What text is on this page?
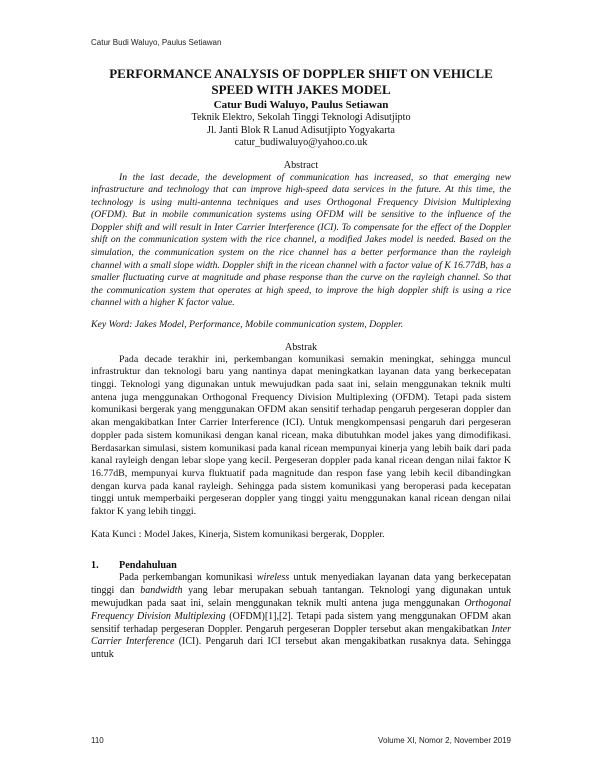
Catur Budi Waluyo, Paulus Setiawan
PERFORMANCE ANALYSIS OF DOPPLER SHIFT ON VEHICLE
SPEED WITH JAKES MODEL
Catur Budi Waluyo, Paulus Setiawan
Teknik Elektro, Sekolah Tinggi Teknologi Adisutjipto
Jl. Janti Blok R Lanud Adisutjipto Yogyakarta
catur_budiwaluyo@yahoo.co.uk
Abstract

In the last decade, the development of communication has increased, so that emerging new infrastructure and technology that can improve high-speed data services in the future. At this time, the technology is using multi-antenna techniques and uses Orthogonal Frequency Division Multiplexing (OFDM). But in mobile communication systems using OFDM will be sensitive to the influence of the Doppler shift and will result in Inter Carrier Interference (ICI). To compensate for the effect of the Doppler shift on the communication system with the rice channel, a modified Jakes model is needed. Based on the simulation, the communication system on the rice channel has a better performance than the rayleigh channel with a small slope width. Doppler shift in the ricean channel with a factor value of K 16.77dB, has a smaller fluctuating curve at magnitude and phase response than the curve on the rayleigh channel. So that the communication system that operates at high speed, to improve the high doppler shift is using a rice channel with a higher K factor value.

Key Word: Jakes Model, Performance, Mobile communication system, Doppler.
Abstrak

Pada decade terakhir ini, perkembangan komunikasi semakin meningkat, sehingga muncul infrastruktur dan teknologi baru yang nantinya dapat meningkatkan layanan data yang berkecepatan tinggi. Teknologi yang digunakan untuk mewujudkan pada saat ini, selain menggunakan teknik multi antena juga menggunakan Orthogonal Frequency Division Multiplexing (OFDM). Tetapi pada sistem komunikasi bergerak yang menggunakan OFDM akan sensitif terhadap pengaruh pergeseran doppler dan akan mengakibatkan Inter Carrier Interference (ICI). Untuk mengkompensasi pengaruh dari pergeseran doppler pada sistem komunikasi dengan kanal ricean, maka dibutuhkan model jakes yang dimodifikasi. Berdasarkan simulasi, sistem komunikasi pada kanal ricean mempunyai kinerja yang lebih baik dari pada kanal rayleigh dengan lebar slope yang kecil. Pergeseran doppler pada kanal ricean dengan nilai faktor K 16.77dB, mempunyai kurva fluktuatif pada magnitude dan respon fase yang lebih kecil dibandingkan dengan kurva pada kanal rayleigh. Sehingga pada sistem komunikasi yang beroperasi pada kecepatan tinggi untuk memperbaiki pergeseran doppler yang tinggi yaitu menggunakan kanal ricean dengan nilai faktor K yang lebih tinggi.

Kata Kunci : Model Jakes, Kinerja, Sistem komunikasi bergerak, Doppler.
1. Pendahuluan

Pada perkembangan komunikasi wireless untuk menyediakan layanan data yang berkecepatan tinggi dan bandwidth yang lebar merupakan sebuah tantangan. Teknologi yang digunakan untuk mewujudkan pada saat ini, selain menggunakan teknik multi antena juga menggunakan Orthogonal Frequency Division Multiplexing (OFDM)[1],[2]. Tetapi pada sistem yang menggunakan OFDM akan sensitif terhadap pergeseran Doppler. Pengaruh pergeseran Doppler tersebut akan mengakibatkan Inter Carrier Interference (ICI). Pengaruh dari ICI tersebut akan mengakibatkan rusaknya data. Sehingga untuk

110	Volume XI, Nomor 2, November 2019
